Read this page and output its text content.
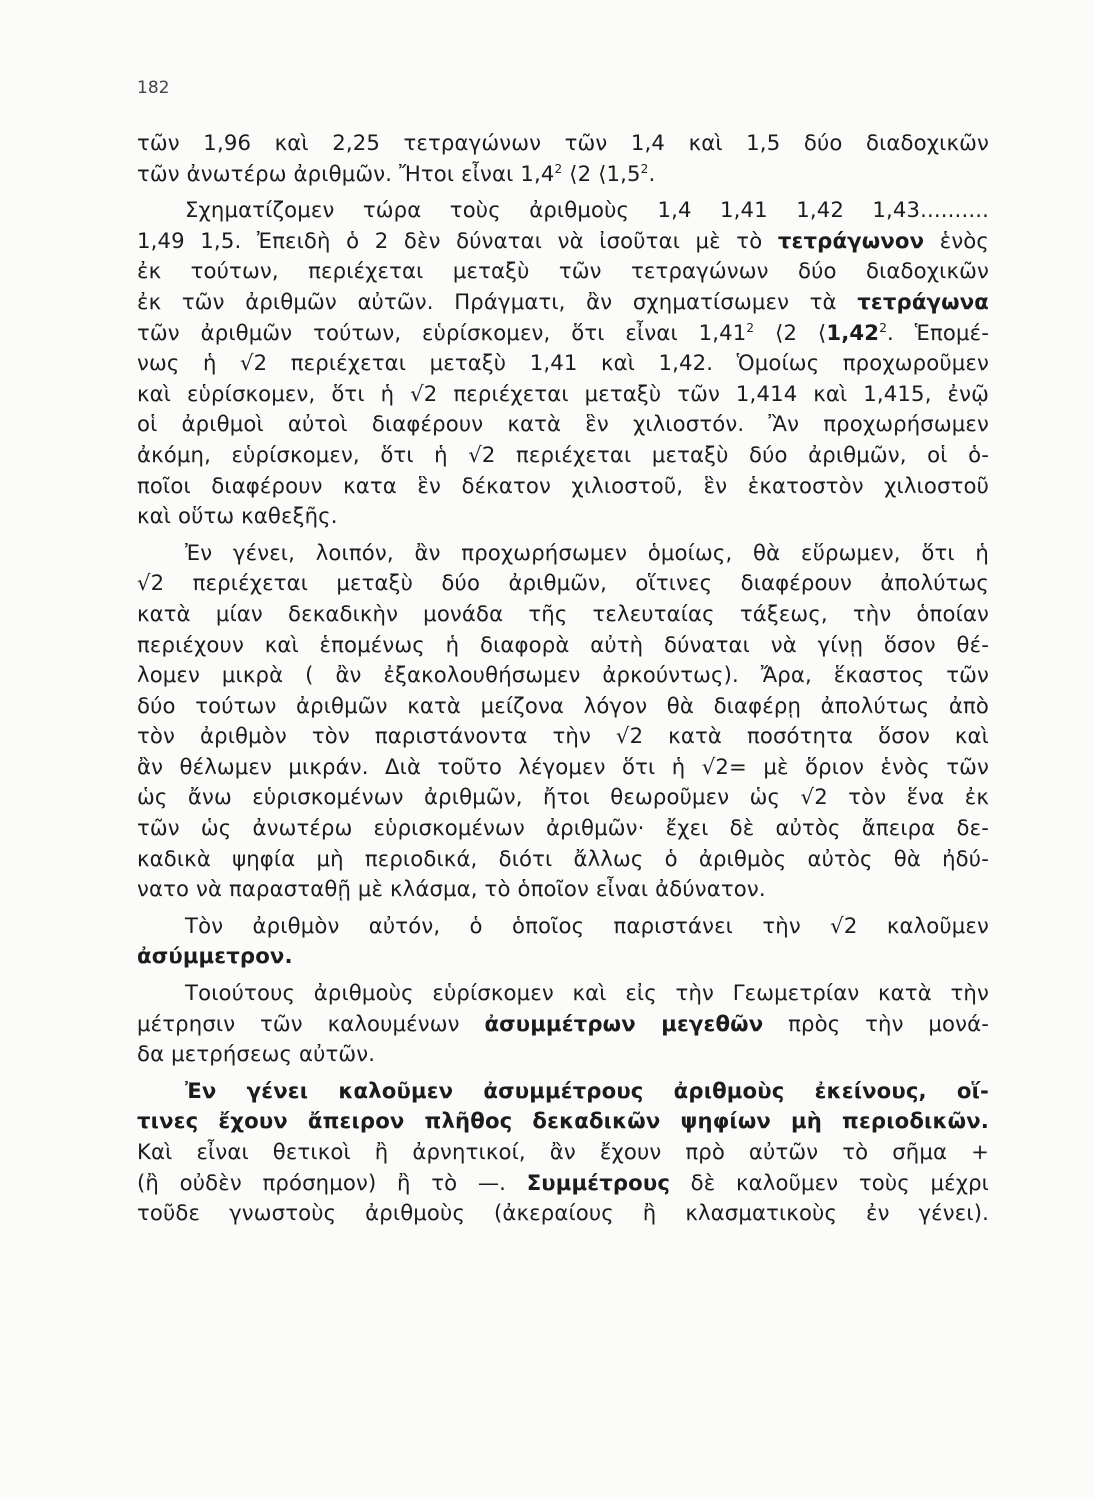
182
τῶν 1,96 καὶ 2,25 τετραγώνων τῶν 1,4 καὶ 1,5 δύο διαδοχικῶν
τῶν ἀνωτέρω ἀριθμῶν. Ἤτοι εἶναι $1,4^2$ ⟨2 $⟨1,5^2$.
Σχηματίζομεν τώρα τοὺς ἀριθμοὺς 1,4 1,41 1,42 1,43..........
1,49 1,5. Ἐπειδὴ ὁ 2 δὲν δύναται νὰ ἰσοῦται μὲ τὸ τετράγωνον ἑνὸς
ἐκ τούτων, περιέχεται μεταξὺ τῶν τετραγώνων δύο διαδοχικῶν
ἐκ τῶν ἀριθμῶν αὐτῶν. Πράγματι, ἂν σχηματίσωμεν τὰ τετράγωνα
τῶν ἀριθμῶν τούτων, εὑρίσκομεν, ὅτι εἶναι 1,41$^2$ ⟨2 ⟨1,42$^2$. Ἑπομέ-
νως ἡ √2 περιέχεται μεταξὺ 1,41 καὶ 1,42. Ὁμοίως προχωροῦμεν
καὶ εὑρίσκομεν, ὅτι ἡ √2 περιέχεται μεταξὺ τῶν 1,414 καὶ 1,415, ἐνῷ
οἱ ἀριθμοὶ αὐτοὶ διαφέρουν κατὰ ἓν χιλιοστόν. Ἂν προχωρήσωμεν
ἀκόμη, εὑρίσκομεν, ὅτι ἡ √2 περιέχεται μεταξὺ δύο ἀριθμῶν, οἱ ὁ-
ποῖοι διαφέρουν κατα ἓν δέκατον χιλιοστοῦ, ἓν ἑκατοστὸν χιλιοστοῦ
καὶ οὕτω καθεξῆς.
Ἐν γένει, λοιπόν, ἂν προχωρήσωμεν ὁμοίως, θὰ εὕρωμεν, ὅτι ἡ
√2 περιέχεται μεταξὺ δύο ἀριθμῶν, οἵτινες διαφέρουν ἀπολύτως
κατὰ μίαν δεκαδικὴν μονάδα τῆς τελευταίας τάξεως, τὴν ὁποίαν
περιέχουν καὶ ἑπομένως ἡ διαφορὰ αὐτὴ δύναται νὰ γίνῃ ὅσον θέ-
λομεν μικρὰ ( ἂν ἐξακολουθήσωμεν ἀρκούντως). Ἄρα, ἕκαστος τῶν
δύο τούτων ἀριθμῶν κατὰ μείζονα λόγον θὰ διαφέρῃ ἀπολύτως ἀπὸ
τὸν ἀριθμὸν τὸν παριστάνοντα τὴν √2 κατὰ ποσότητα ὅσον καὶ
ἂν θέλωμεν μικράν. Διὰ τοῦτο λέγομεν ὅτι ἡ √2= μὲ ὅριον ἑνὸς τῶν
ὡς ἄνω εὑρισκομένων ἀριθμῶν, ἤτοι θεωροῦμεν ὡς √2 τὸν ἕνα ἐκ
τῶν ὡς ἀνωτέρω εὑρισκομένων ἀριθμῶν· ἔχει δὲ αὐτὸς ἄπειρα δε-
καδικὰ ψηφία μὴ περιοδικά, διότι ἄλλως ὁ ἀριθμὸς αὐτὸς θὰ ἠδύ-
νατο νὰ παρασταθῇ μὲ κλάσμα, τὸ ὁποῖον εἶναι ἀδύνατον.
Τὸν ἀριθμὸν αὐτόν, ὁ ὁποῖος παριστάνει τὴν √2 καλοῦμεν
ἀσύμμετρον.
Τοιούτους ἀριθμοὺς εὑρίσκομεν καὶ εἰς τὴν Γεωμετρίαν κατὰ τὴν
μέτρησιν τῶν καλουμένων ἀσυμμέτρων μεγεθῶν πρὸς τὴν μονά-
δα μετρήσεως αὐτῶν.
Ἐν γένει καλοῦμεν ἀσυμμέτρους ἀριθμοὺς ἐκείνους, οἵ-
τινες ἔχουν ἄπειρον πλῆθος δεκαδικῶν ψηφίων μὴ περιοδικῶν.
Καὶ εἶναι θετικοὶ ἢ ἀρνητικοί, ἂν ἔχουν πρὸ αὐτῶν τὸ σῆμα +
(ἢ οὐδὲν πρόσημον) ἢ τὸ —. Συμμέτρους δὲ καλοῦμεν τοὺς μέχρι
τοῦδε γνωστοὺς ἀριθμοὺς (ἀκεραίους ἢ κλασματικοὺς ἐν γένει).
